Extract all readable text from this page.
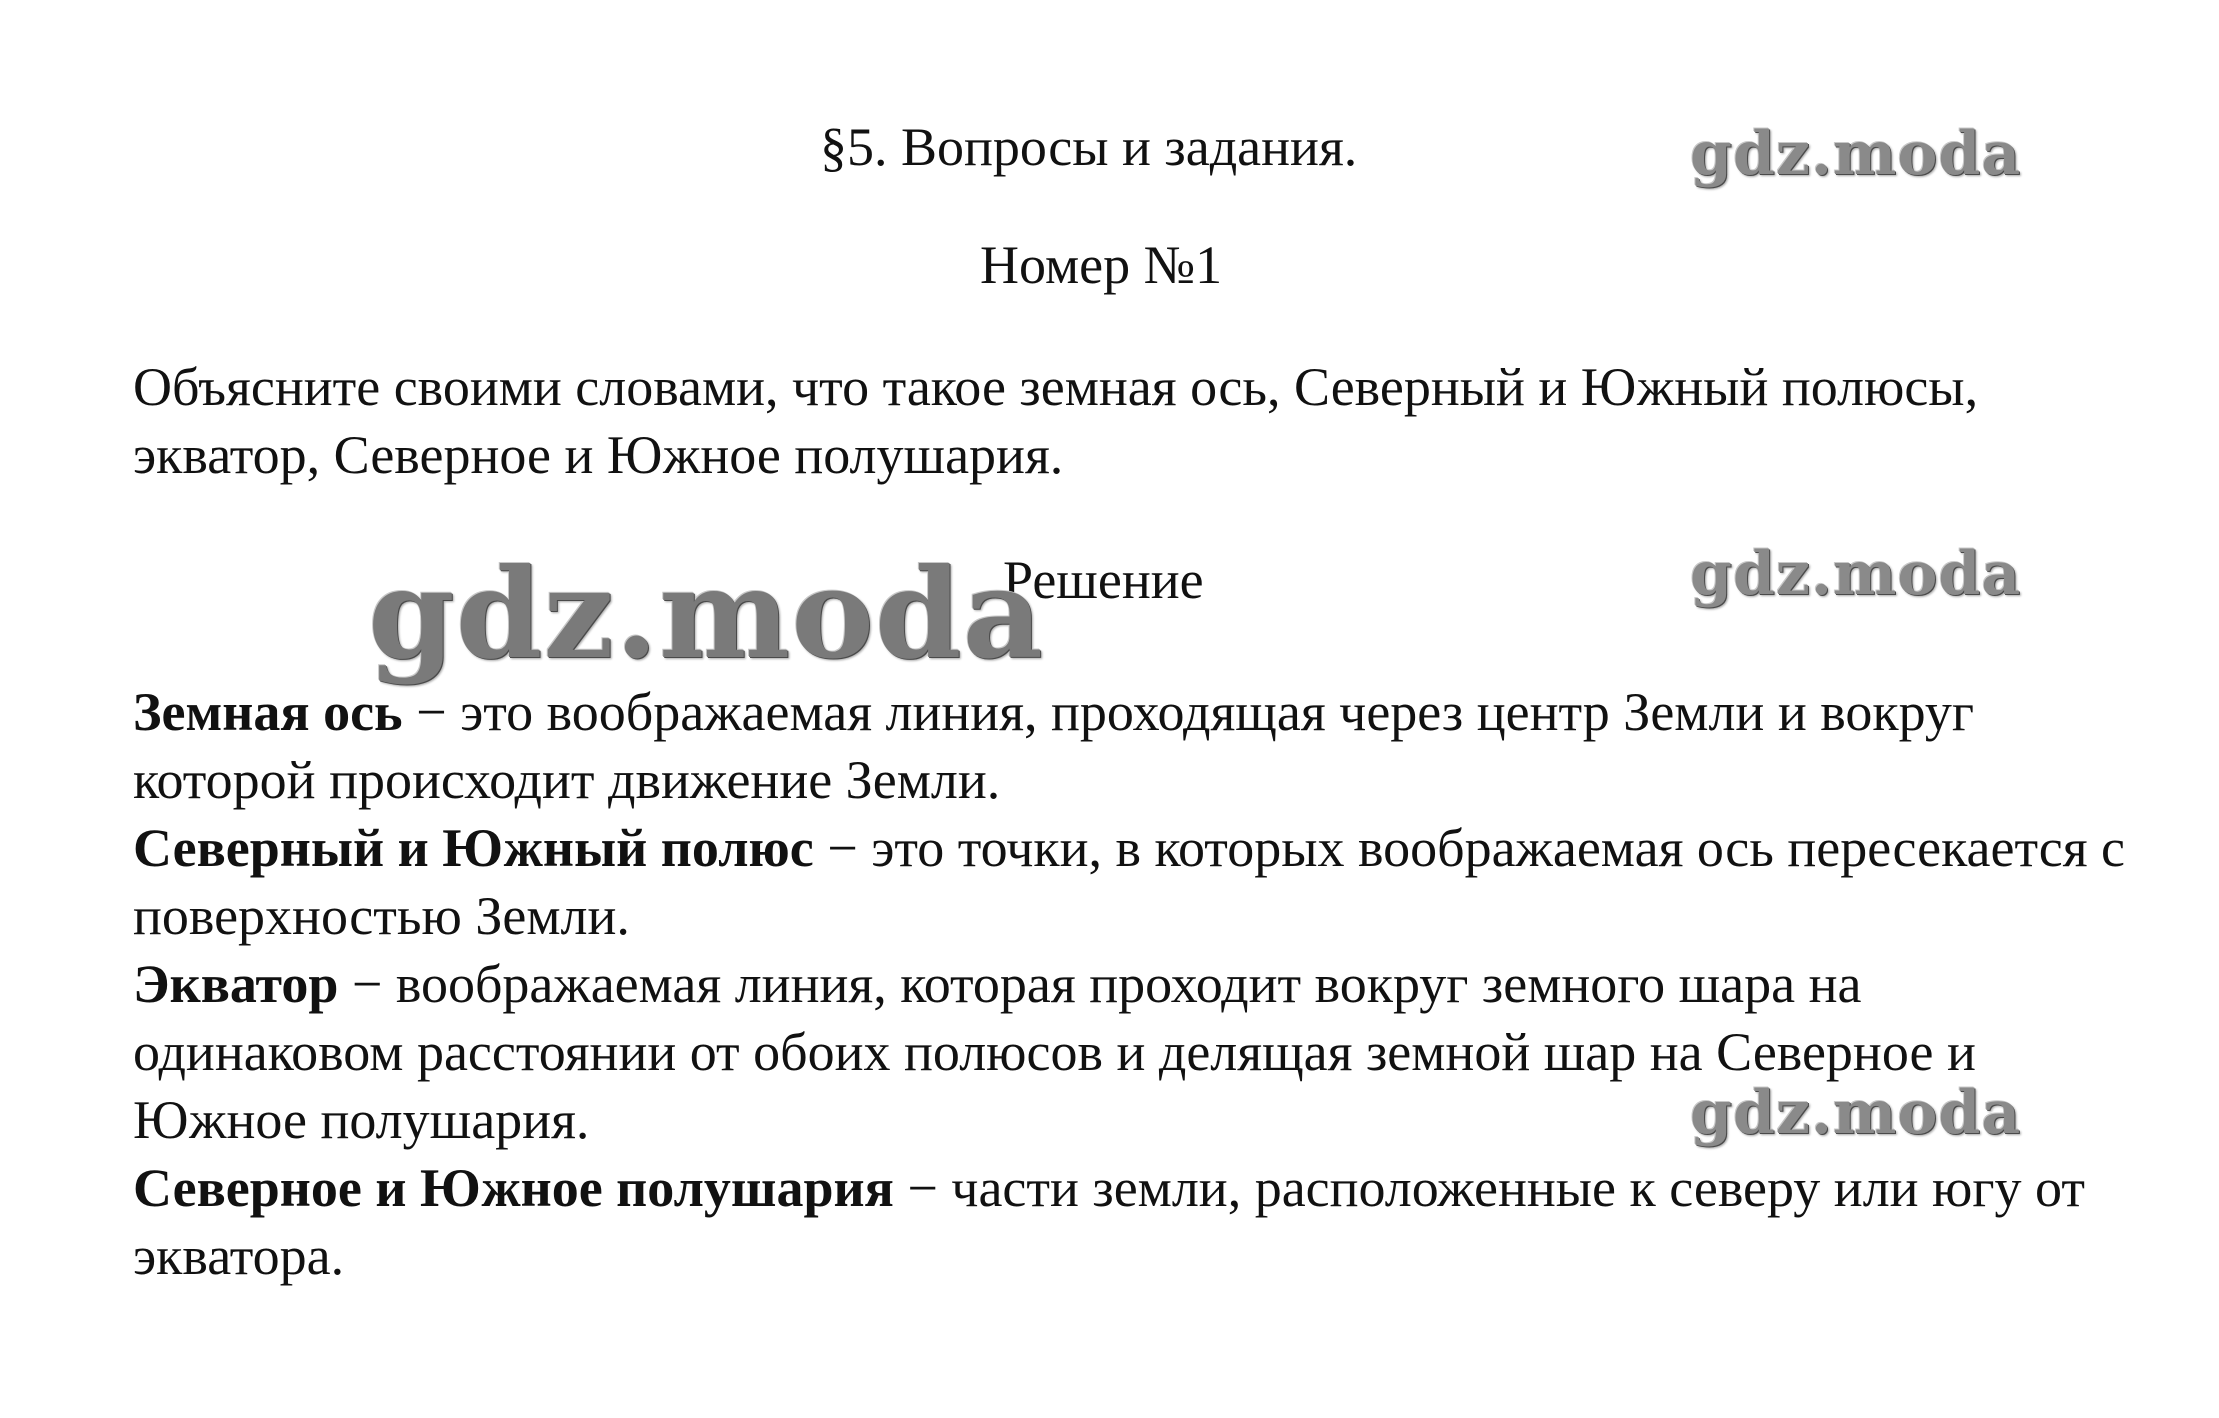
§5. Вопросы и задания.
Номер №1

Объясните своими словами, что такое земная ось, Северный и Южный полюсы, экватор, Северное и Южное полушария.

Решение

Земная ось − это воображаемая линия, проходящая через центр Земли и вокруг которой происходит движение Земли.

Северный и Южный полюс − это точки, в которых воображаемая ось пересекается с поверхностью Земли.

Экватор − воображаемая линия, которая проходит вокруг земного шара на одинаковом расстоянии от обоих полюсов и делящая земной шар на Северное и Южное полушария.

Северное и Южное полушария − части земли, расположенные к северу или югу от экватора.

gdz.moda
gdz.moda
gdz.moda
gdz.moda
